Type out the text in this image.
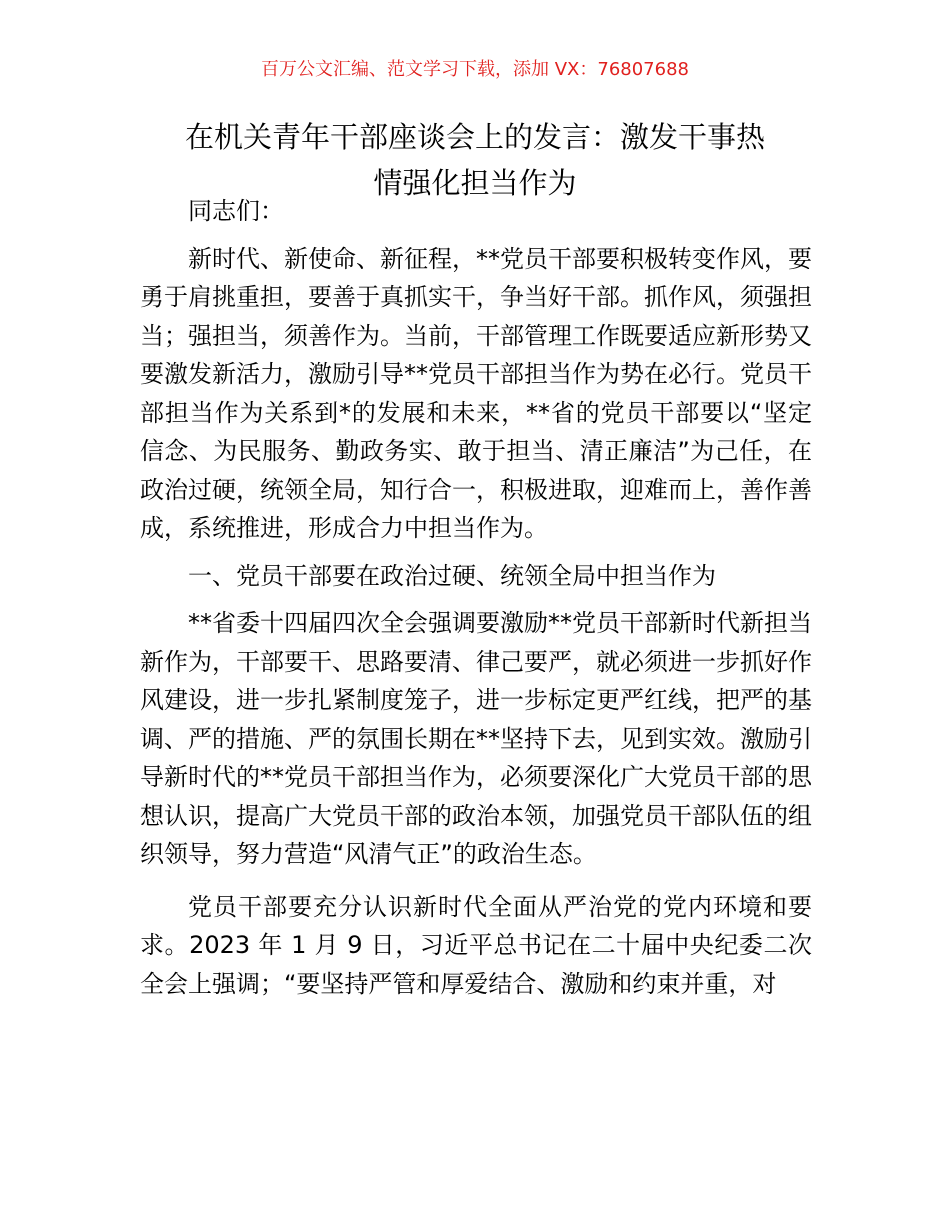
百万公文汇编、范文学习下载，添加 VX：76807688
在机关青年干部座谈会上的发言：激发干事热
情强化担当作为

同志们：

新时代、新使命、新征程，**党员干部要积极转变作风，要勇于肩挑重担，要善于真抓实干，争当好干部。抓作风，须强担当；强担当，须善作为。当前，干部管理工作既要适应新形势又要激发新活力，激励引导**党员干部担当作为势在必行。党员干部担当作为关系到*的发展和未来，**省的党员干部要以“坚定信念、为民服务、勤政务实、敢于担当、清正廉洁”为己任，在政治过硬，统领全局，知行合一，积极进取，迎难而上，善作善成，系统推进，形成合力中担当作为。

一、党员干部要在政治过硬、统领全局中担当作为

**省委十四届四次全会强调要激励**党员干部新时代新担当新作为，干部要干、思路要清、律己要严，就必须进一步抓好作风建设，进一步扎紧制度笼子，进一步标定更严红线，把严的基调、严的措施、严的氛围长期在**坚持下去，见到实效。激励引导新时代的**党员干部担当作为，必须要深化广大党员干部的思想认识，提高广大党员干部的政治本领，加强党员干部队伍的组织领导，努力营造“风清气正”的政治生态。

党员干部要充分认识新时代全面从严治党的党内环境和要求。2023 年 1 月 9 日，习近平总书记在二十届中央纪委二次全会上强调；“要坚持严管和厚爱结合、激励和约束并重，对
